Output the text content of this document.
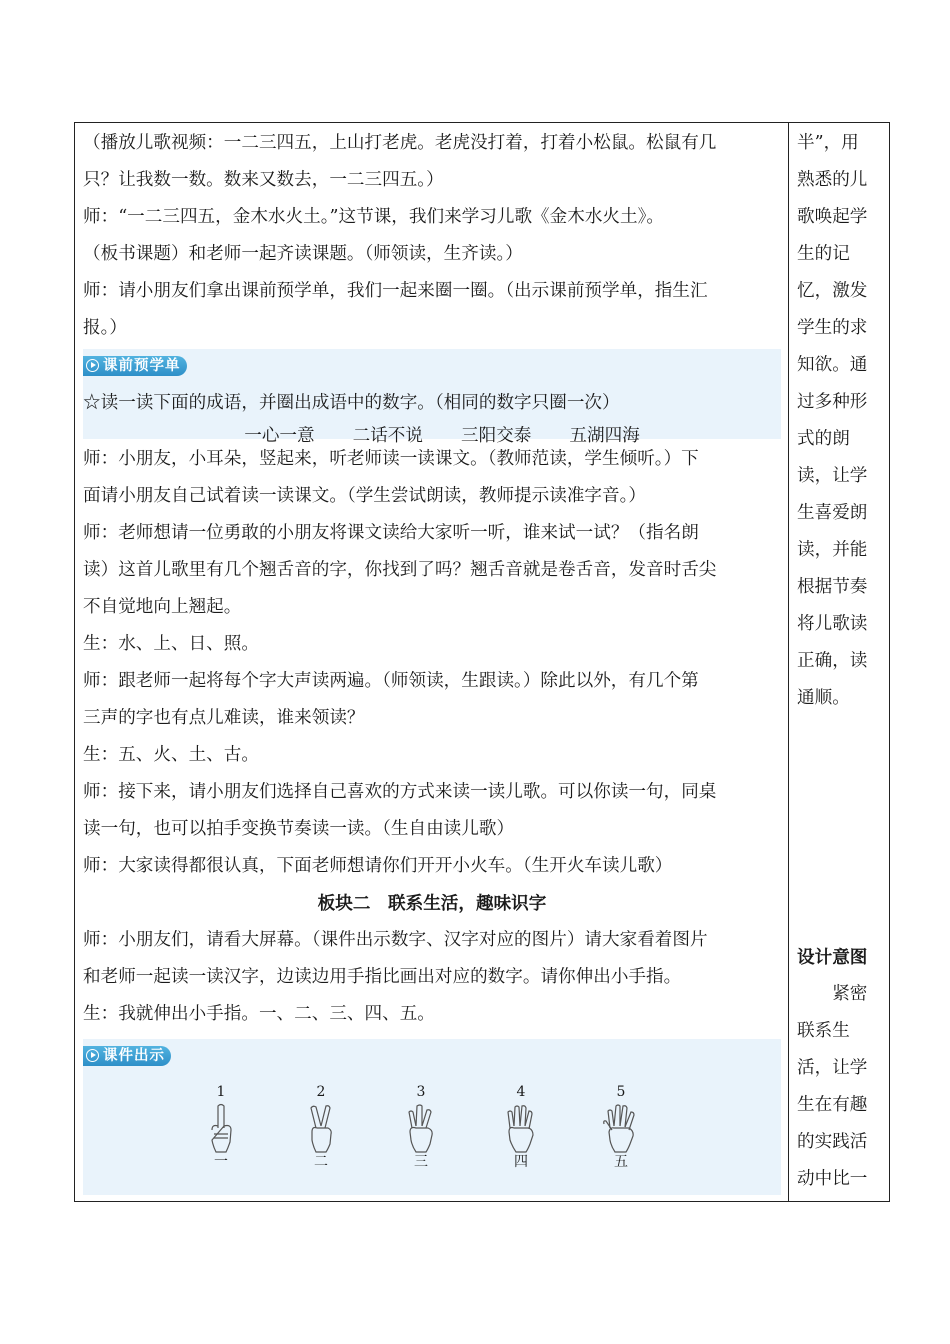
（播放儿歌视频：一二三四五，上山打老虎。老虎没打着，打着小松鼠。松鼠有几
只？让我数一数。数来又数去，一二三四五。）
师：“一二三四五，金木水火土。”这节课，我们来学习儿歌《金木水火土》。
（板书课题）和老师一起齐读课题。（师领读，生齐读。）
师：请小朋友们拿出课前预学单，我们一起来圈一圈。（出示课前预学单，指生汇
报。）
课前预学单
☆读一读下面的成语，并圈出成语中的数字。（相同的数字只圈一次）
一心一意 二话不说 三阳交泰 五湖四海
师：小朋友，小耳朵，竖起来，听老师读一读课文。（教师范读，学生倾听。）下
面请小朋友自己试着读一读课文。（学生尝试朗读，教师提示读准字音。）
师：老师想请一位勇敢的小朋友将课文读给大家听一听，谁来试一试？（指名朗
读）这首儿歌里有几个翘舌音的字，你找到了吗？翘舌音就是卷舌音，发音时舌尖
不自觉地向上翘起。
生：水、上、日、照。
师：跟老师一起将每个字大声读两遍。（师领读，生跟读。）除此以外，有几个第
三声的字也有点儿难读，谁来领读？
生：五、火、土、古。
师：接下来，请小朋友们选择自己喜欢的方式来读一读儿歌。可以你读一句，同桌
读一句，也可以拍手变换节奏读一读。（生自由读儿歌）
师：大家读得都很认真，下面老师想请你们开开小火车。（生开火车读儿歌）
板块二　联系生活，趣味识字
师：小朋友们，请看大屏幕。（课件出示数字、汉字对应的图片）请大家看着图片
和老师一起读一读汉字，边读边用手指比画出对应的数字。请你伸出小手指。
生：我就伸出小手指。一、二、三、四、五。
课件出示
1
一
2
二
3
三
4
四
5
五
半”，用
熟悉的儿
歌唤起学
生的记
忆，激发
学生的求
知欲。通
过多种形
式的朗
读，让学
生喜爱朗
读，并能
根据节奏
将儿歌读
正确，读
通顺。
设计意图
　　紧密
联系生
活，让学
生在有趣
的实践活
动中比一
